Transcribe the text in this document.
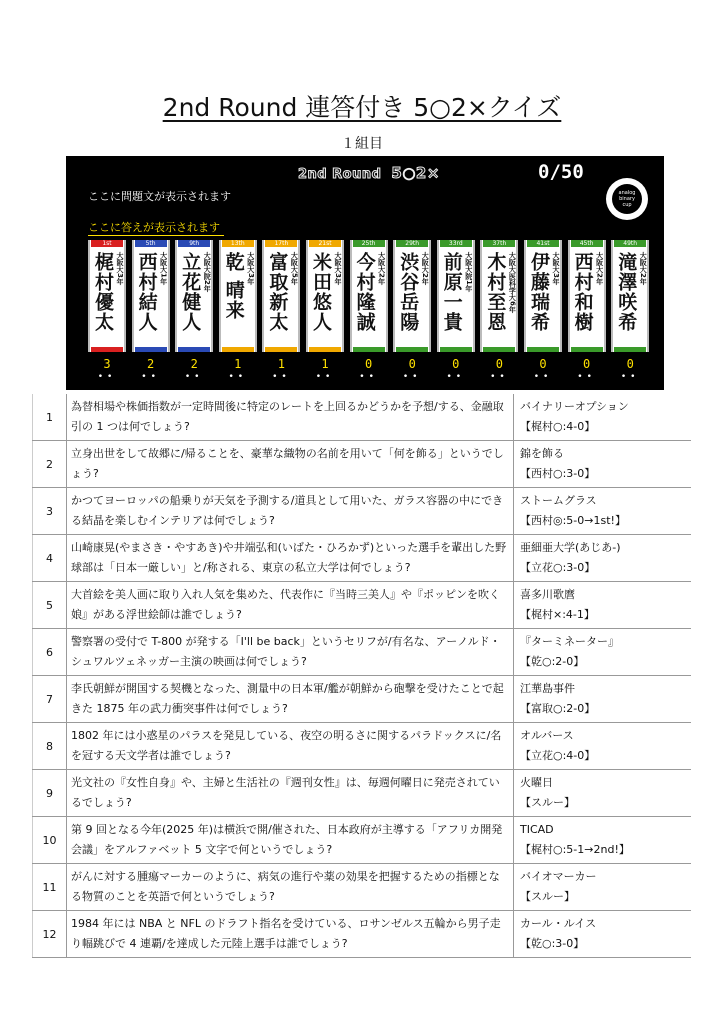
2nd Round 連答付き 5○2×クイズ
１組目
2nd Round 5○2×	0/50
analog
binary
cup
ここに問題文が表示されます
ここに答えが表示されます
1st
梶村優太 大阪大3年
3
••
5th
西村結人 大阪大1年
2
••
9th
立花健人 大阪大院2年
2
••
13th
乾 晴来 大阪大3年
1
••
17th
富取新太 大阪大5年
1
••
21st
米田悠人 大阪大3年
1
••
25th
今村隆誠 大阪大2年
0
••
29th
渋谷岳陽 大阪大2年
0
••
33rd
前原一貴 大阪大院1年
0
••
37th
木村至恩 大阪大医科学大6年
0
••
41st
伊藤瑞希 大阪大3年
0
••
45th
西村和樹 大阪大2年
0
••
49th
滝澤咲希 大阪大2年
0
••
1	為替相場や株価指数が一定時間後に特定のレートを上回るかどうかを予想/する、金融取引の 1 つは何でしょう?	バイナリーオプション
【梶村○:4-0】

2	立身出世をして故郷に/帰ることを、豪華な織物の名前を用いて「何を飾る」というでしょう?	錦を飾る
【西村○:3-0】

3	かつてヨーロッパの船乗りが天気を予測する/道具として用いた、ガラス容器の中にできる結晶を楽しむインテリアは何でしょう?	ストームグラス
【西村◎:5-0→1st!】

4	山崎康晃(やまさき・やすあき)や井端弘和(いばた・ひろかず)といった選手を輩出した野球部は「日本一厳しい」と/称される、東京の私立大学は何でしょう?	亜細亜大学(あじあ-)
【立花○:3-0】

5	大首絵を美人画に取り入れ人気を集めた、代表作に『当時三美人』や『ポッピンを吹く娘』がある浮世絵師は誰でしょう?	喜多川歌麿
【梶村×:4-1】

6	警察署の受付で T-800 が発する「I'll be back」というセリフが/有名な、アーノルド・シュワルツェネッガー主演の映画は何でしょう?	『ターミネーター』
【乾○:2-0】

7	李氏朝鮮が開国する契機となった、測量中の日本軍/艦が朝鮮から砲撃を受けたことで起きた 1875 年の武力衝突事件は何でしょう?	江華島事件
【富取○:2-0】

8	1802 年には小惑星のパラスを発見している、夜空の明るさに関するパラドックスに/名を冠する天文学者は誰でしょう?	オルバース
【立花○:4-0】

9	光文社の『女性自身』や、主婦と生活社の『週刊女性』は、毎週何曜日に発売されているでしょう?	火曜日
【スルー】

10	第 9 回となる今年(2025 年)は横浜で開/催された、日本政府が主導する「アフリカ開発会議」をアルファベット 5 文字で何というでしょう?	TICAD
【梶村○:5-1→2nd!】

11	がんに対する腫瘍マーカーのように、病気の進行や薬の効果を把握するための指標となる物質のことを英語で何というでしょう?	バイオマーカー
【スルー】

12	1984 年には NBA と NFL のドラフト指名を受けている、ロサンゼルス五輪から男子走り幅跳びで 4 連覇/を達成した元陸上選手は誰でしょう?	カール・ルイス
【乾○:3-0】
